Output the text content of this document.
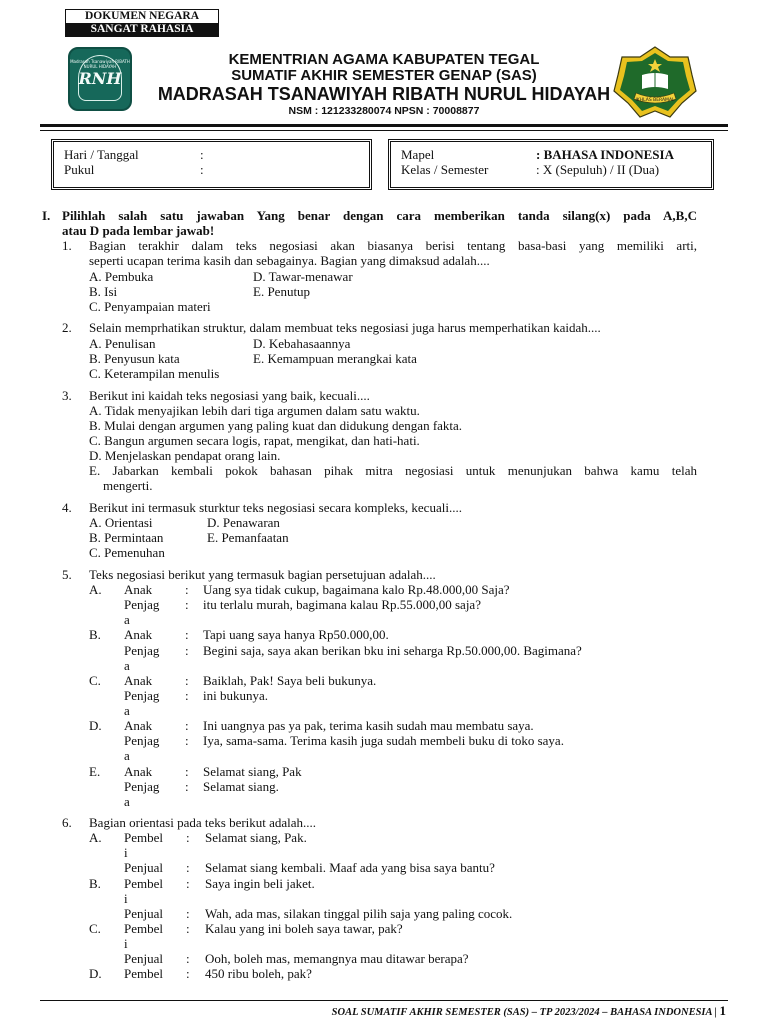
DOKUMEN NEGARA
SANGAT RAHASIA
Madrasah Tsanawiyah RIBATH NURUL HIDAYAH
RNH
IKHLAS BERAMAL
KEMENTRIAN AGAMA KABUPATEN TEGAL
SUMATIF AKHIR SEMESTER GENAP (SAS)
MADRASAH TSANAWIYAH RIBATH NURUL HIDAYAH
NSM : 121233280074 NPSN : 70008877
Hari / Tanggal	:
Pukul	:
Mapel	: BAHASA INDONESIA
Kelas / Semester	: X (Sepuluh) / II (Dua)
I. Pilihlah salah satu jawaban Yang benar dengan cara memberikan tanda silang(x) pada A,B,C
atau D pada lembar jawab!
1. Bagian terakhir dalam teks negosiasi akan biasanya berisi tentang basa-basi yang memiliki arti,
seperti ucapan terima kasih dan sebagainya. Bagian yang dimaksud adalah....
A. Pembuka	D. Tawar-menawar
B. Isi	E. Penutup
C. Penyampaian materi
2. Selain memprhatikan struktur, dalam membuat teks negosiasi juga harus memperhatikan kaidah....
A. Penulisan	D. Kebahasaannya
B. Penyusun kata	E. Kemampuan merangkai kata
C. Keterampilan menulis
3. Berikut ini kaidah teks negosiasi yang baik, kecuali....
A. Tidak menyajikan lebih dari tiga argumen dalam satu waktu.
B. Mulai dengan argumen yang paling kuat dan didukung dengan fakta.
C. Bangun argumen secara logis, rapat, mengikat, dan hati-hati.
D. Menjelaskan pendapat orang lain.
E. Jabarkan kembali pokok bahasan pihak mitra negosiasi untuk menunjukan bahwa kamu telah
mengerti.
4. Berikut ini termasuk sturktur teks negosiasi secara kompleks, kecuali....
A. Orientasi	D. Penawaran
B. Permintaan	E. Pemanfaatan
C. Pemenuhan
5. Teks negosiasi berikut yang termasuk bagian persetujuan adalah....
A. Anak	: Uang sya tidak cukup, bagaimana kalo Rp.48.000,00 Saja?
Penjag : itu terlalu murah, bagimana kalau Rp.55.000,00 saja?
a
B. Anak	: Tapi uang saya hanya Rp50.000,00.
Penjag : Begini saja, saya akan berikan bku ini seharga Rp.50.000,00. Bagimana?
a
C. Anak	: Baiklah, Pak! Saya beli bukunya.
Penjag : ini bukunya.
a
D. Anak	: Ini uangnya pas ya pak, terima kasih sudah mau membatu saya.
Penjag : Iya, sama-sama. Terima kasih juga sudah membeli buku di toko saya.
a
E. Anak	: Selamat siang, Pak
Penjag : Selamat siang.
a
6. Bagian orientasi pada teks berikut adalah....
A. Pembel : Selamat siang, Pak.
i
Penjual : Selamat siang kembali. Maaf ada yang bisa saya bantu?
B. Pembel : Saya ingin beli jaket.
i
Penjual : Wah, ada mas, silakan tinggal pilih saja yang paling cocok.
C. Pembel : Kalau yang ini boleh saya tawar, pak?
i
Penjual : Ooh, boleh mas, memangnya mau ditawar berapa?
D. Pembel : 450 ribu boleh, pak?
SOAL SUMATIF AKHIR SEMESTER (SAS) – TP 2023/2024 – BAHASA INDONESIA | 1
